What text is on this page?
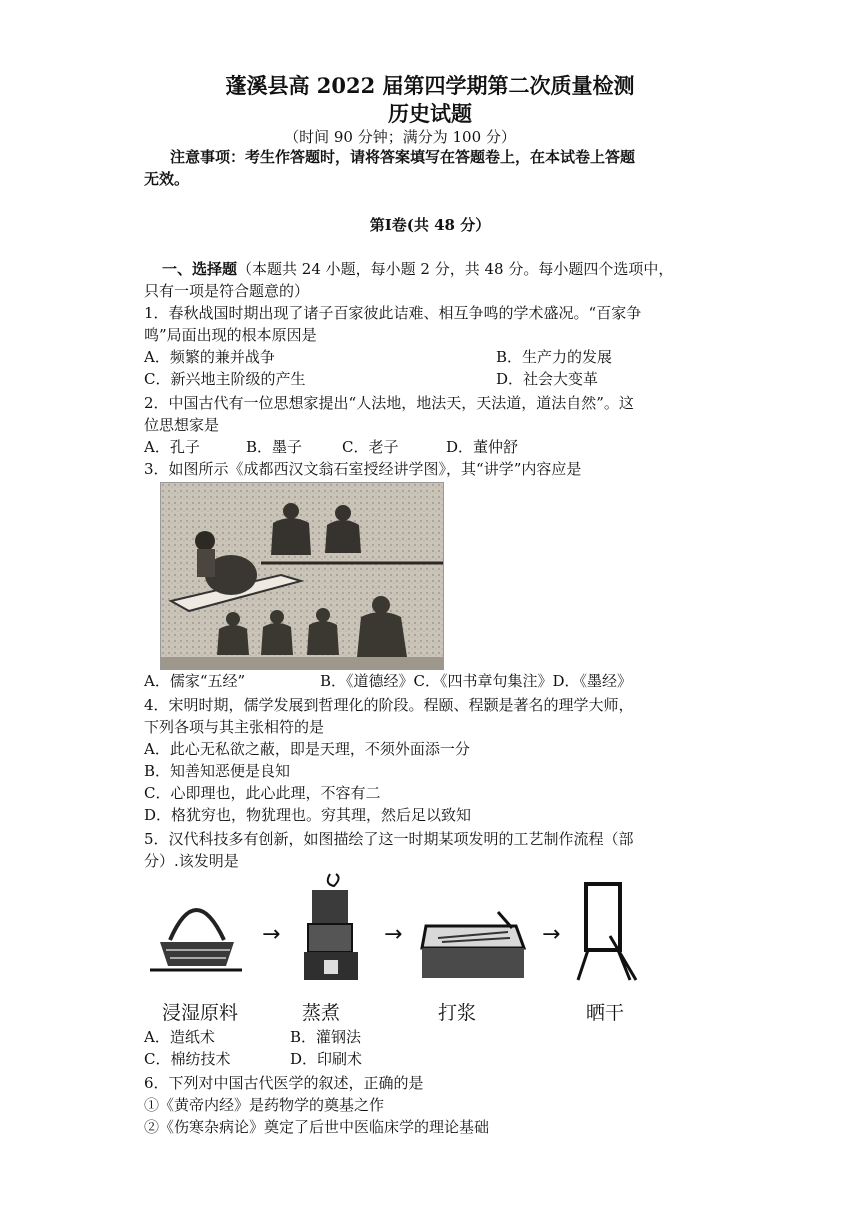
蓬溪县高 2022 届第四学期第二次质量检测
历史试题
（时间 90 分钟；满分为 100 分）
注意事项：考生作答题时，请将答案填写在答题卷上，在本试卷上答题
无效。
第Ⅰ卷(共 48 分）
一、选择题（本题共 24 小题，每小题 2 分，共 48 分。每小题四个选项中，
只有一项是符合题意的）
1．春秋战国时期出现了诸子百家彼此诘难、相互争鸣的学术盛况。“百家争
鸣”局面出现的根本原因是
A．频繁的兼并战争	B．生产力的发展
C．新兴地主阶级的产生	D．社会大变革
2．中国古代有一位思想家提出“人法地，地法天，天法道，道法自然”。这
位思想家是
A．孔子	B．墨子	C．老子	D．董仲舒
3．如图所示《成都西汉文翁石室授经讲学图》，其“讲学”内容应是
A．儒家“五经”	B．《道德经》C．《四书章句集注》D．《墨经》
4．宋明时期，儒学发展到哲理化的阶段。程颐、程颢是著名的理学大师，
下列各项与其主张相符的是
A．此心无私欲之蔽，即是天理，不须外面添一分
B．知善知恶便是良知
C．心即理也，此心此理，不容有二
D．格犹穷也，物犹理也。穷其理，然后足以致知
5．汉代科技多有创新，如图描绘了这一时期某项发明的工艺制作流程（部
分）.该发明是
→	→	→
浸湿原料	蒸煮	打浆	晒干
A．造纸术	B．灌钢法
C．棉纺技术	D．印刷术
6．下列对中国古代医学的叙述，正确的是
①《黄帝内经》是药物学的奠基之作
②《伤寒杂病论》奠定了后世中医临床学的理论基础
